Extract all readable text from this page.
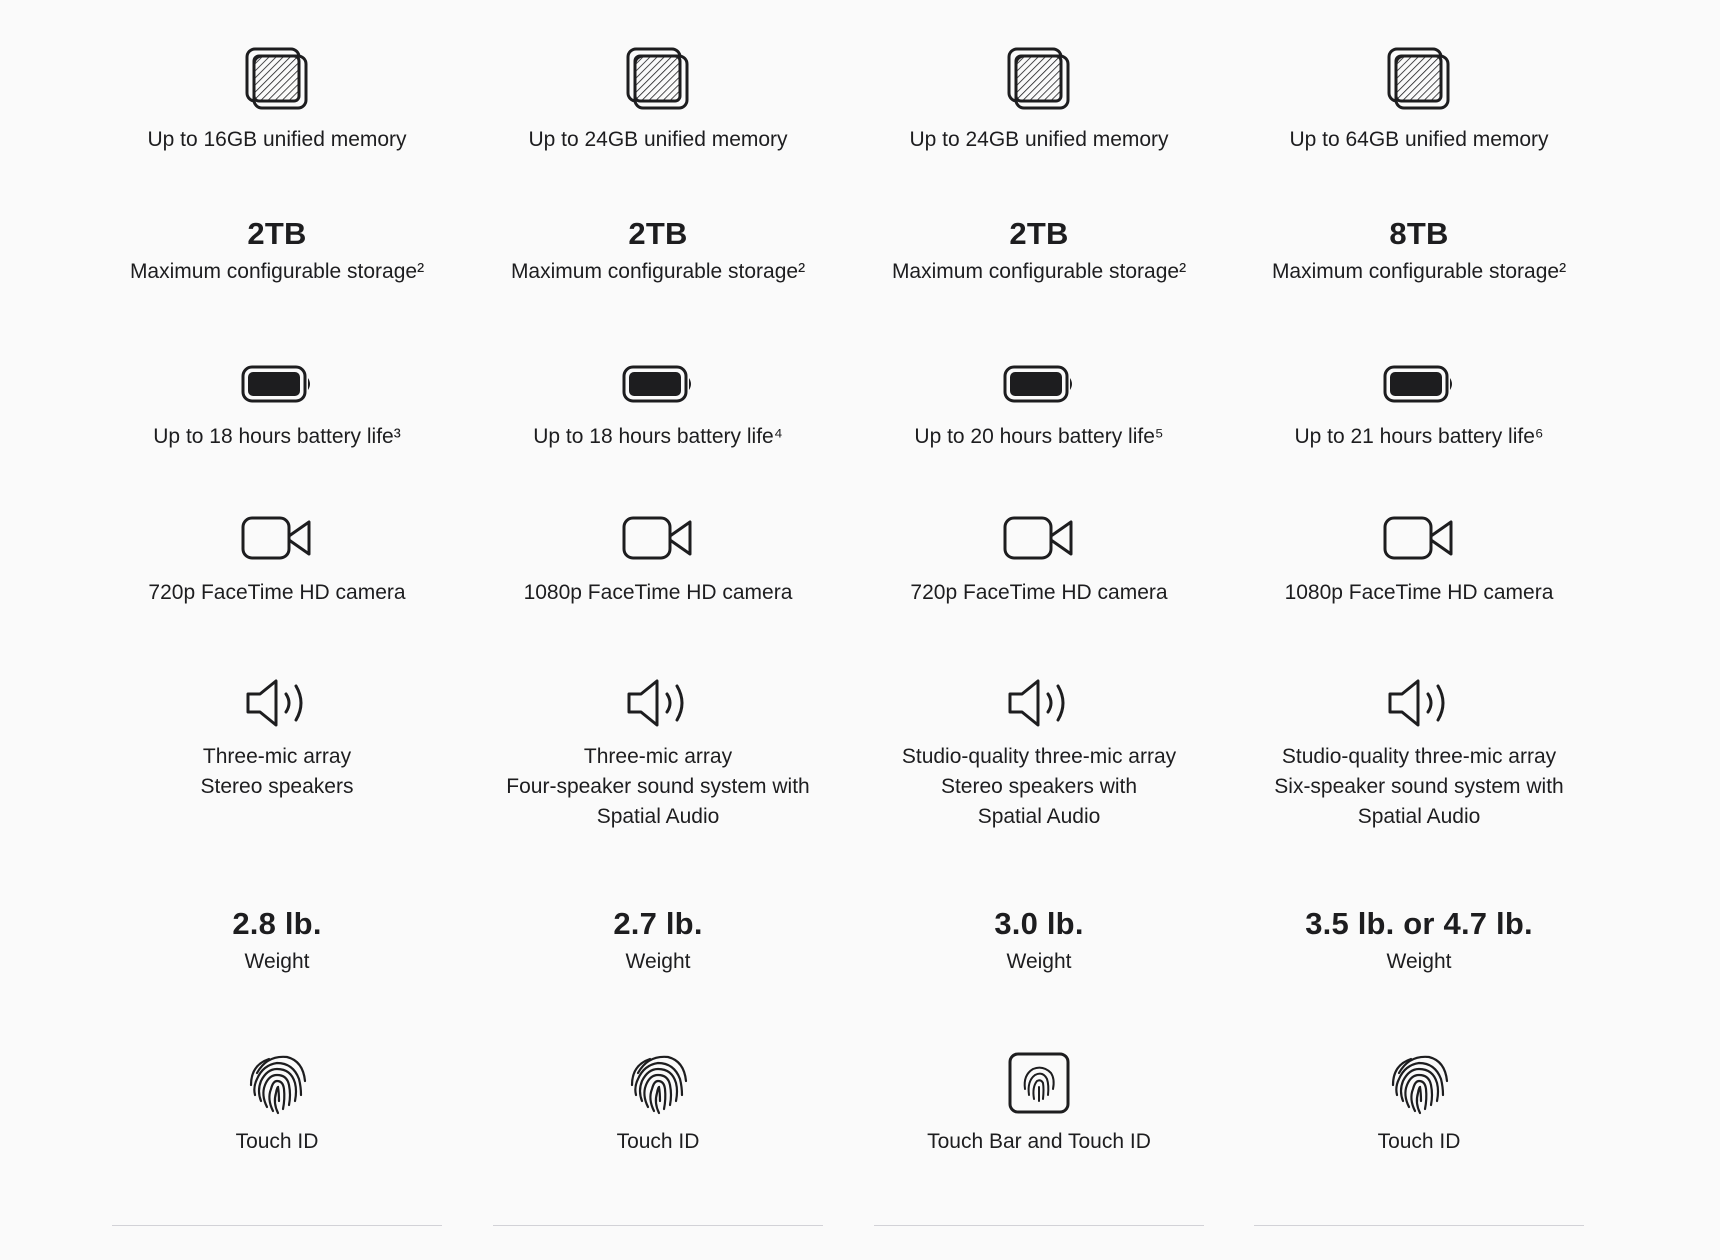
Up to 16GB unified memory
2TB
Maximum configurable storage²
Up to 18 hours battery life³
720p FaceTime HD camera
Three-mic array
Stereo speakers
2.8 lb.
Weight
Touch ID
Up to 24GB unified memory
2TB
Maximum configurable storage²
Up to 18 hours battery life⁴
1080p FaceTime HD camera
Three-mic array
Four-speaker sound system with
Spatial Audio
2.7 lb.
Weight
Touch ID
Up to 24GB unified memory
2TB
Maximum configurable storage²
Up to 20 hours battery life⁵
720p FaceTime HD camera
Studio-quality three-mic array
Stereo speakers with
Spatial Audio
3.0 lb.
Weight
Touch Bar and Touch ID
Up to 64GB unified memory
8TB
Maximum configurable storage²
Up to 21 hours battery life⁶
1080p FaceTime HD camera
Studio-quality three-mic array
Six-speaker sound system with
Spatial Audio
3.5 lb. or 4.7 lb.
Weight
Touch ID
